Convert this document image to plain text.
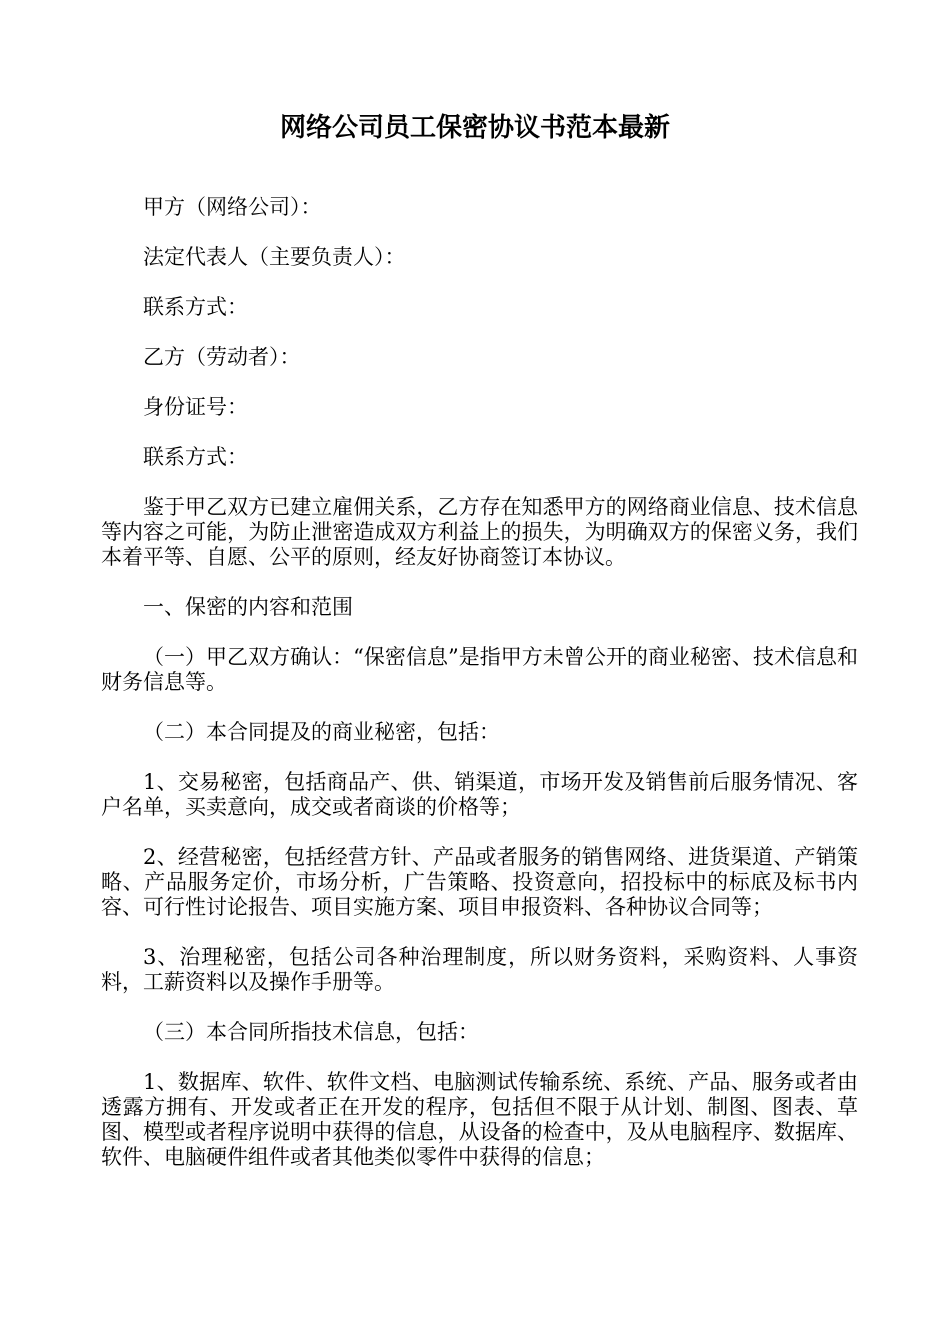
网络公司员工保密协议书范本最新

甲方（网络公司）：

法定代表人（主要负责人）：

联系方式：

乙方（劳动者）：

身份证号：

联系方式：

鉴于甲乙双方已建立雇佣关系，乙方存在知悉甲方的网络商业信息、技术信息等内容之可能，为防止泄密造成双方利益上的损失，为明确双方的保密义务，我们本着平等、自愿、公平的原则，经友好协商签订本协议。

一、保密的内容和范围

（一）甲乙双方确认：“保密信息”是指甲方未曾公开的商业秘密、技术信息和财务信息等。

（二）本合同提及的商业秘密，包括：

1、交易秘密，包括商品产、供、销渠道，市场开发及销售前后服务情况、客户名单，买卖意向，成交或者商谈的价格等；

2、经营秘密，包括经营方针、产品或者服务的销售网络、进货渠道、产销策略、产品服务定价，市场分析，广告策略、投资意向，招投标中的标底及标书内容、可行性讨论报告、项目实施方案、项目申报资料、各种协议合同等；

3、治理秘密，包括公司各种治理制度，所以财务资料，采购资料、人事资料，工薪资料以及操作手册等。

（三）本合同所指技术信息，包括：

1、数据库、软件、软件文档、电脑测试传输系统、系统、产品、服务或者由透露方拥有、开发或者正在开发的程序，包括但不限于从计划、制图、图表、草图、模型或者程序说明中获得的信息，从设备的检查中，及从电脑程序、数据库、软件、电脑硬件组件或者其他类似零件中获得的信息；
